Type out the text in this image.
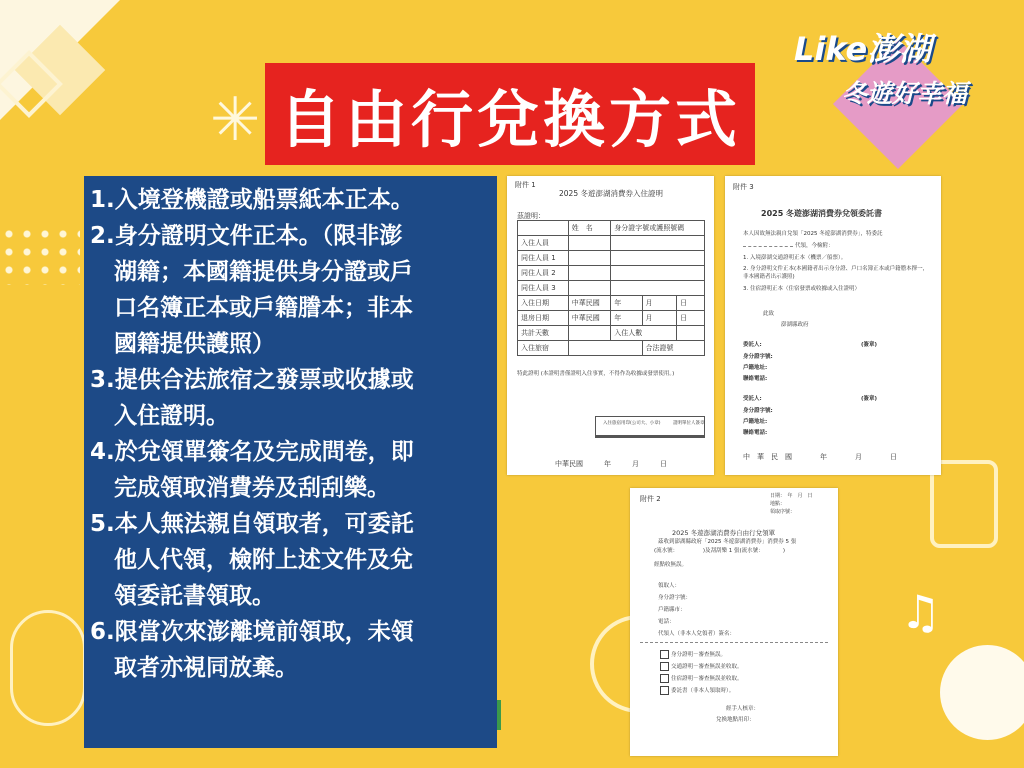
✳
♫
Like澎湖
冬遊好幸福
自由行兌換方式
1.入境登機證或船票紙本正本。
2.身分證明文件正本。（限非澎
湖籍；本國籍提供身分證或戶
口名簿正本或戶籍謄本；非本
國籍提供護照）
3.提供合法旅宿之發票或收據或
入住證明。
4.於兌領單簽名及完成問卷，即
完成領取消費券及刮刮樂。
5.本人無法親自領取者，可委託
他人代領，檢附上述文件及兌
領委託書領取。
6.限當次來澎離境前領取，未領
取者亦視同放棄。
附件 1
2025 冬遊澎湖消費券入住證明
茲證明：
	姓　名	身分證字號或護照號碼		
入住人員				
同住人員 1				
同住人員 2				
同住人員 3				
入住日期	中華民國	年	月	日
退房日期	中華民國	年	月	日
共計天數		入住人數		
入住旅宿			合法證號	
特此證明 (本證明書僅證明入住事實，不得作為收據或發票使用。)
入住旅宿用印(公司大、小章)	證明單位人簽章
中華民國　　　年　　　月　　　日
附件 3
2025 冬遊澎湖消費券兌領委託書
本人因故無法親自兌領「2025 冬遊澎湖消費券」，特委託
代領，今檢附：
1. 入境澎湖交通證明正本（機票／船票）。
2. 身分證明文件正本(本國籍者出示身分證、戶口名簿正本或戶籍謄本擇一，非本國籍者出示護照)
3. 住宿證明正本（住宿發票或收據或入住證明）
此致
澎湖縣政府
委託人:	(簽章)
身分證字號:
戶籍地址:
聯絡電話:
受託人:	(簽章)
身分證字號:
戶籍地址:
聯絡電話:
中　華　民　國　　　　年　　　　月　　　　日
附件 2	日期：　年　月　日
地點：
領取序號：
2025 冬遊澎湖消費券自由行兌領單
茲收到澎湖縣政府「2025 冬遊澎湖消費券」消費券 5 張
(流水號：　　　　　)及刮刮樂 1 張(流水號：　　　　)
經點收無誤。
領取人：
身分證字號：
戶籍縣市：
電話：
代領人（非本人兌領者）簽名：
身分證明－審查無誤。
交通證明－審查無誤並收取。
住宿證明－審查無誤並收取。
委託書（非本人領取時）。
經手人核章：
兌換地點用印：
